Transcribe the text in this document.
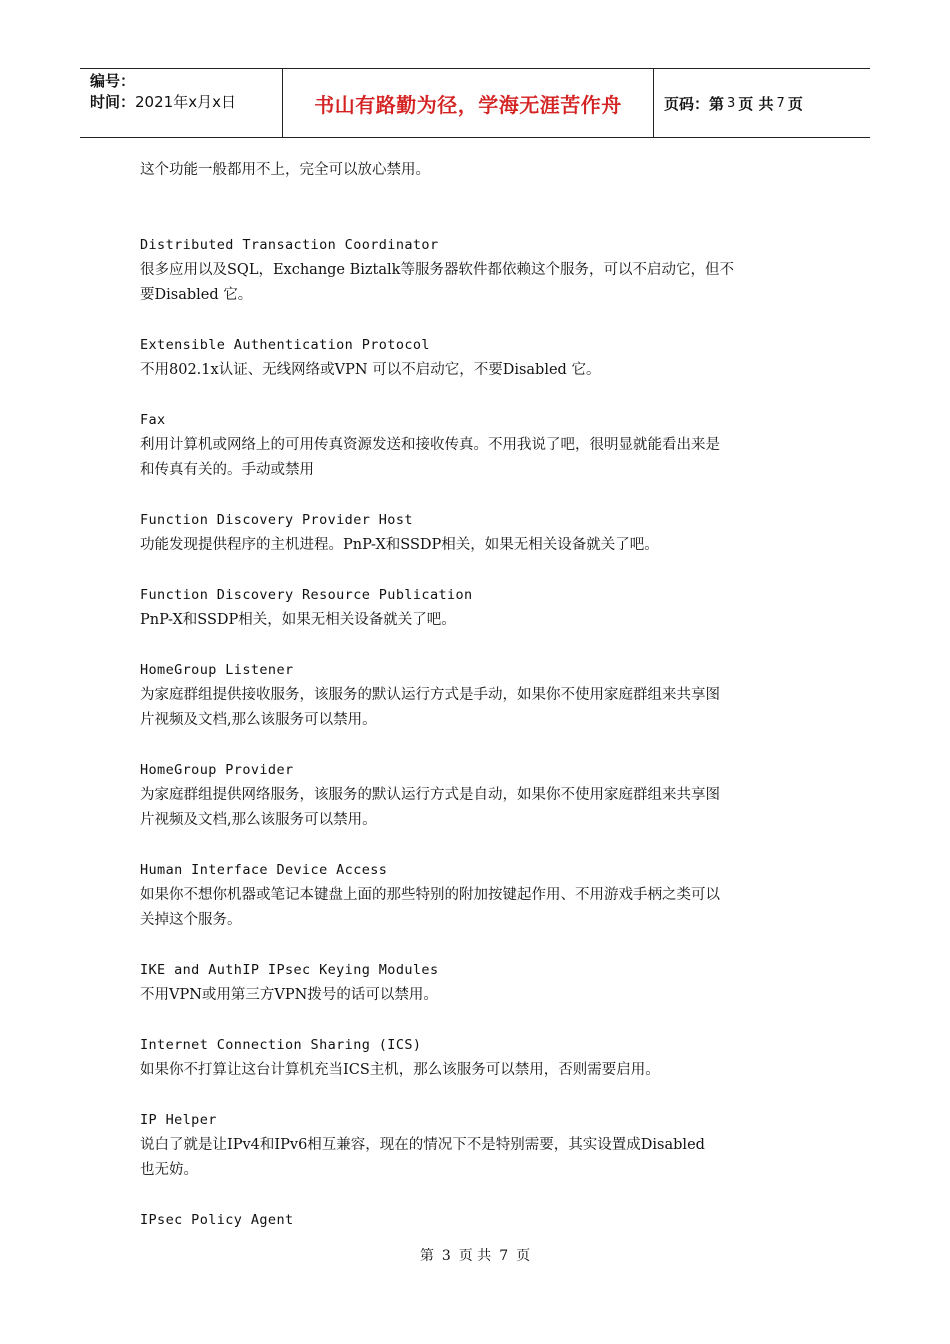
编号：
时间：2021年x月x日	书山有路勤为径，学海无涯苦作舟	页码：第 3 页 共 7 页

这个功能一般都用不上，完全可以放心禁用。

Distributed Transaction Coordinator

很多应用以及SQL，Exchange Biztalk等服务器软件都依赖这个服务，可以不启动它，但不

要Disabled 它。

Extensible Authentication Protocol

不用802.1x认证、无线网络或VPN 可以不启动它，不要Disabled 它。

Fax

利用计算机或网络上的可用传真资源发送和接收传真。不用我说了吧，很明显就能看出来是

和传真有关的。手动或禁用

Function Discovery Provider Host

功能发现提供程序的主机进程。PnP-X和SSDP相关，如果无相关设备就关了吧。

Function Discovery Resource Publication

PnP-X和SSDP相关，如果无相关设备就关了吧。

HomeGroup Listener

为家庭群组提供接收服务，该服务的默认运行方式是手动，如果你不使用家庭群组来共享图

片视频及文档,那么该服务可以禁用。

HomeGroup Provider

为家庭群组提供网络服务，该服务的默认运行方式是自动，如果你不使用家庭群组来共享图

片视频及文档,那么该服务可以禁用。

Human Interface Device Access

如果你不想你机器或笔记本键盘上面的那些特别的附加按键起作用、不用游戏手柄之类可以

关掉这个服务。

IKE and AuthIP IPsec Keying Modules

不用VPN或用第三方VPN拨号的话可以禁用。

Internet Connection Sharing (ICS)

如果你不打算让这台计算机充当ICS主机，那么该服务可以禁用，否则需要启用。

IP Helper

说白了就是让IPv4和IPv6相互兼容，现在的情况下不是特别需要，其实设置成Disabled

也无妨。

IPsec Policy Agent

第 3 页 共 7 页
